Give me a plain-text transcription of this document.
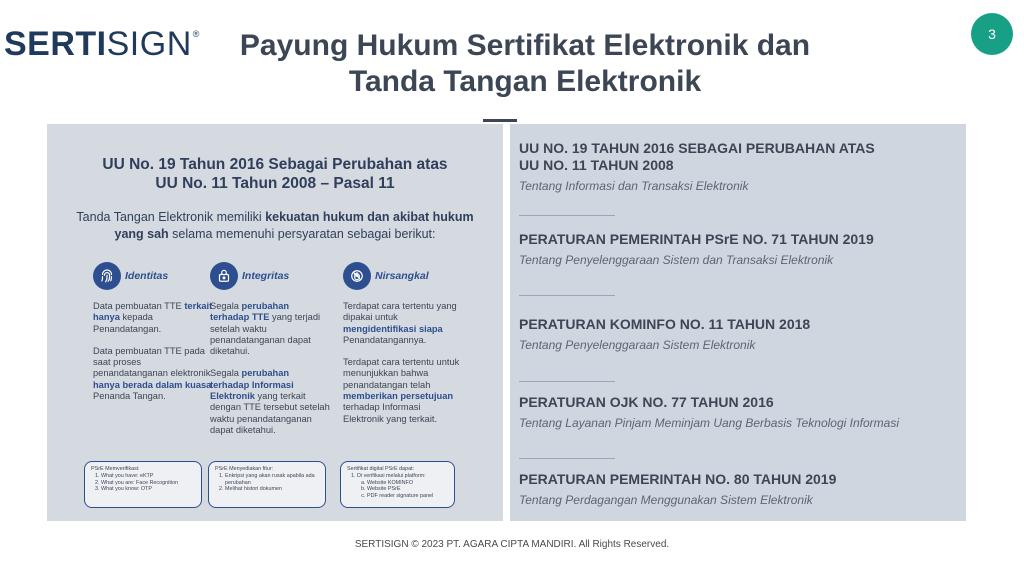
SERTI SIGN ®	Payung Hukum Sertifikat Elektronik dan
Tanda Tangan Elektronik
3
UU No. 19 Tahun 2016 Sebagai Perubahan atas
UU No. 11 Tahun 2008 – Pasal 11
Tanda Tangan Elektronik memiliki kekuatan hukum dan akibat hukum yang sah selama memenuhi persyaratan sebagai berikut:
Identitas

Data pembuatan TTE terkait hanya kepada Penandatangan.

Data pembuatan TTE pada saat proses penandatanganan elektronik hanya berada dalam kuasa Penanda Tangan.

Integritas

Segala perubahan terhadap TTE yang terjadi setelah waktu penandatanganan dapat diketahui.

Segala perubahan terhadap Informasi Elektronik yang terkait dengan TTE tersebut setelah waktu penandatanganan dapat diketahui.

Nirsangkal

Terdapat cara tertentu yang dipakai untuk mengidentifikasi siapa Penandatangannya.

Terdapat cara tertentu untuk menunjukkan bahwa penandatangan telah memberikan persetujuan terhadap Informasi Elektronik yang terkait.

PSrE Memverifikasi:
1. What you have: eKTP
2. What you are: Face Recognition
3. What you know: OTP
PSrE Menyediakan fitur:
1. Enkripsi yang akan rusak apabila ada perubahan
2. Melihat histori dokumen
Sertifikat digital PSrE dapat:
1. Di verifikasi melalui platform:
a. Website KOMINFO
b. Website PSrE
c. PDF reader signature panel
UU NO. 19 TAHUN 2016 SEBAGAI PERUBAHAN ATAS
UU NO. 11 TAHUN 2008
Tentang Informasi dan Transaksi Elektronik
PERATURAN PEMERINTAH PSrE NO. 71 TAHUN 2019
Tentang Penyelenggaraan Sistem dan Transaksi Elektronik
PERATURAN KOMINFO NO. 11 TAHUN 2018
Tentang Penyelenggaraan Sistem Elektronik
PERATURAN OJK NO. 77 TAHUN 2016
Tentang Layanan Pinjam Meminjam Uang Berbasis Teknologi Informasi
PERATURAN PEMERINTAH NO. 80 TAHUN 2019
Tentang Perdagangan Menggunakan Sistem Elektronik
SERTISIGN © 2023 PT. AGARA CIPTA MANDIRI. All Rights Reserved.
